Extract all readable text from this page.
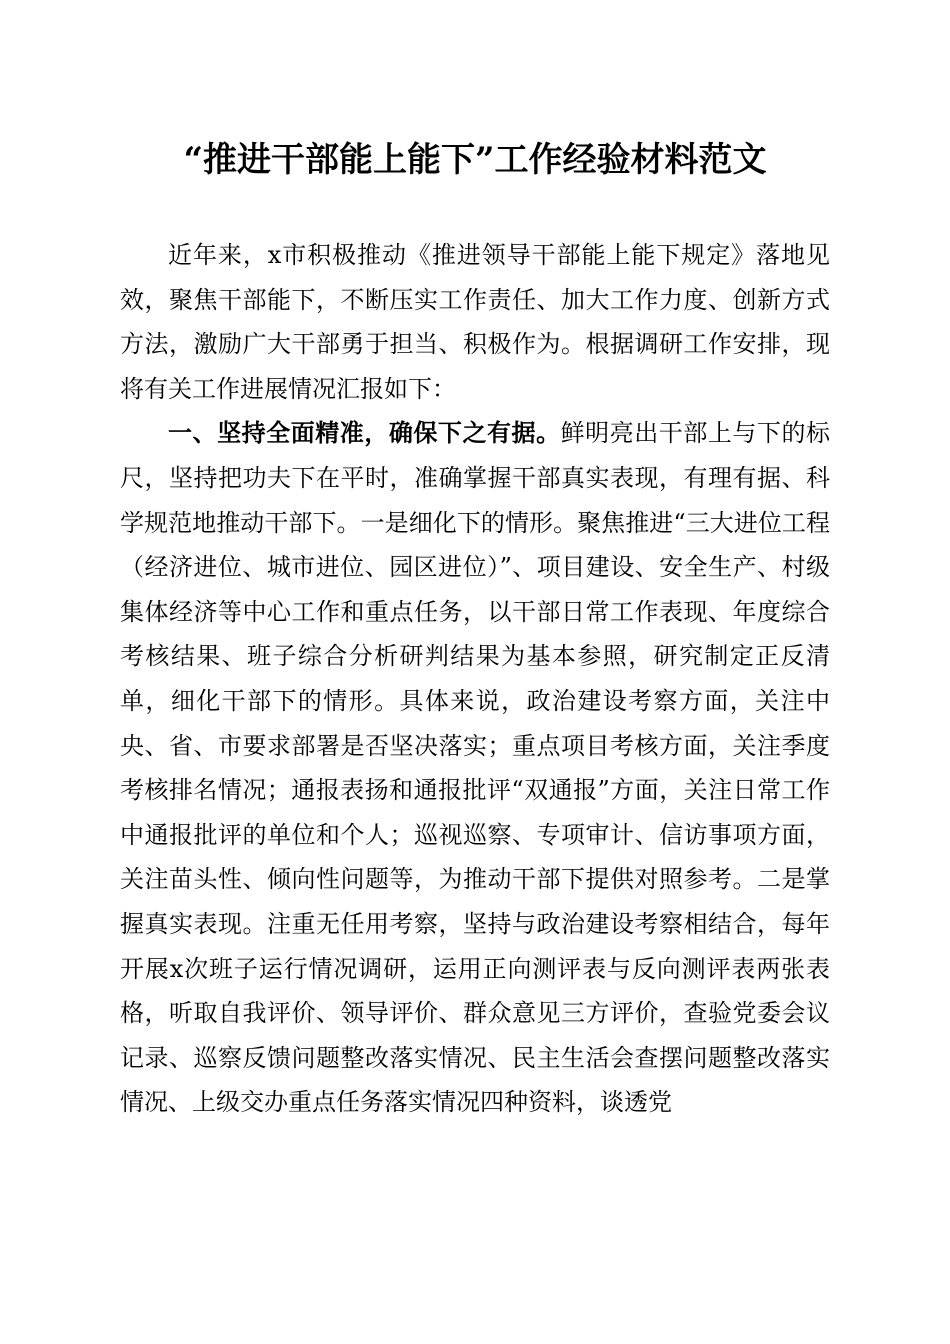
“推进干部能上能下”工作经验材料范文

近年来，x市积极推动《推进领导干部能上能下规定》落地见效，聚焦干部能下，不断压实工作责任、加大工作力度、创新方式方法，激励广大干部勇于担当、积极作为。根据调研工作安排，现将有关工作进展情况汇报如下：

一、坚持全面精准，确保下之有据。鲜明亮出干部上与下的标尺，坚持把功夫下在平时，准确掌握干部真实表现，有理有据、科学规范地推动干部下。一是细化下的情形。聚焦推进“三大进位工程（经济进位、城市进位、园区进位）”、项目建设、安全生产、村级集体经济等中心工作和重点任务，以干部日常工作表现、年度综合考核结果、班子综合分析研判结果为基本参照，研究制定正反清单，细化干部下的情形。具体来说，政治建设考察方面，关注中央、省、市要求部署是否坚决落实；重点项目考核方面，关注季度考核排名情况；通报表扬和通报批评“双通报”方面，关注日常工作中通报批评的单位和个人；巡视巡察、专项审计、信访事项方面，关注苗头性、倾向性问题等，为推动干部下提供对照参考。二是掌握真实表现。注重无任用考察，坚持与政治建设考察相结合，每年开展x次班子运行情况调研，运用正向测评表与反向测评表两张表格，听取自我评价、领导评价、群众意见三方评价，查验党委会议记录、巡察反馈问题整改落实情况、民主生活会查摆问题整改落实情况、上级交办重点任务落实情况四种资料，谈透党
